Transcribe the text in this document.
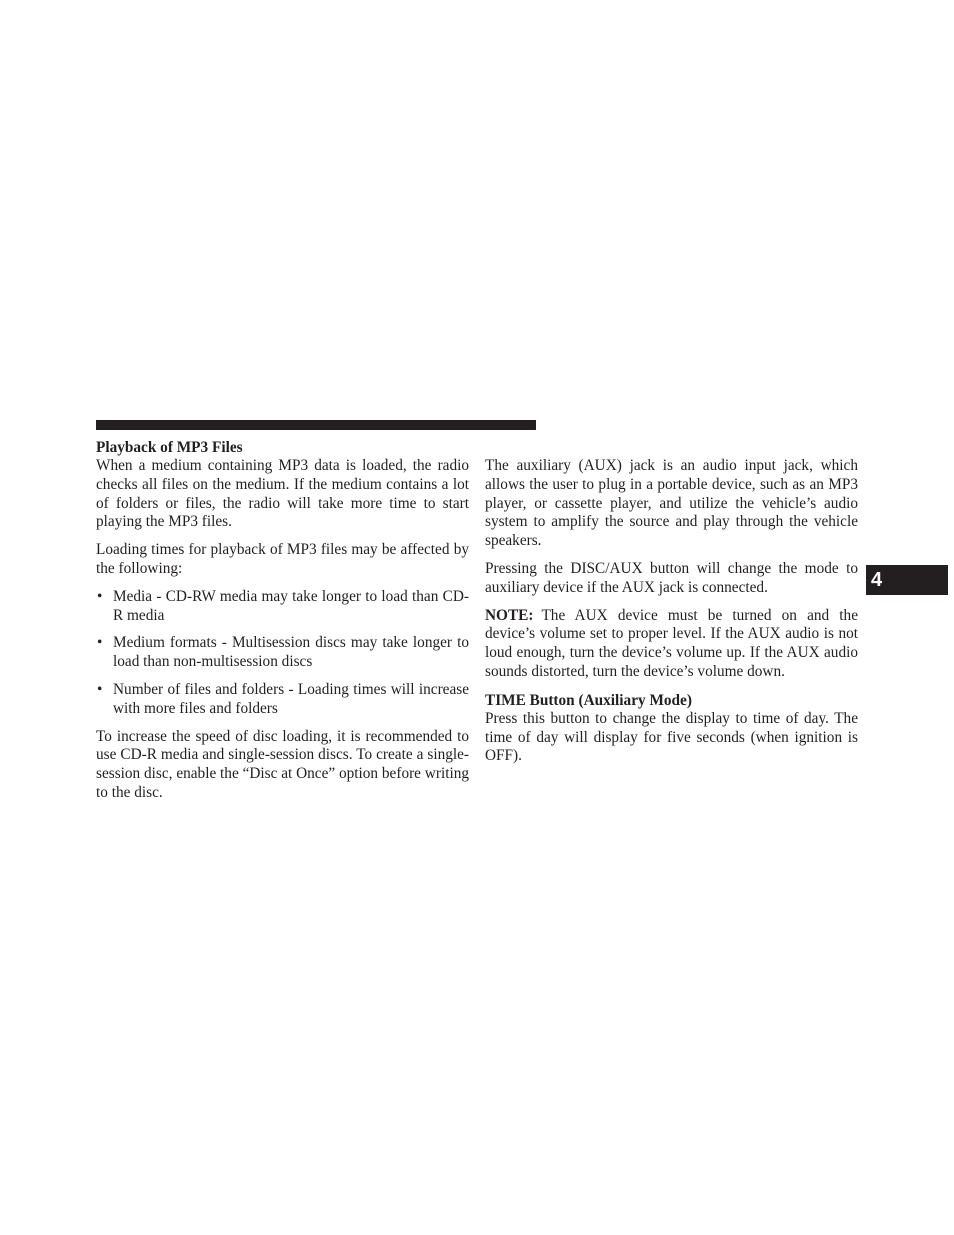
4
Playback of MP3 Files

When a medium containing MP3 data is loaded, the radio checks all files on the medium. If the medium contains a lot of folders or files, the radio will take more time to start playing the MP3 files.

Loading times for playback of MP3 files may be affected by the following:

• Media - CD-RW media may take longer to load than CD-R media
• Medium formats - Multisession discs may take longer to load than non-multisession discs
• Number of files and folders - Loading times will increase with more files and folders

To increase the speed of disc loading, it is recommended to use CD-R media and single-session discs. To create a single-session disc, enable the “Disc at Once” option before writing to the disc.

The auxiliary (AUX) jack is an audio input jack, which allows the user to plug in a portable device, such as an MP3 player, or cassette player, and utilize the vehicle’s audio system to amplify the source and play through the vehicle speakers.

Pressing the DISC/AUX button will change the mode to auxiliary device if the AUX jack is connected.

NOTE: The AUX device must be turned on and the device’s volume set to proper level. If the AUX audio is not loud enough, turn the device’s volume up. If the AUX audio sounds distorted, turn the device’s volume down.

TIME Button (Auxiliary Mode)

Press this button to change the display to time of day. The time of day will display for five seconds (when ignition is OFF).
